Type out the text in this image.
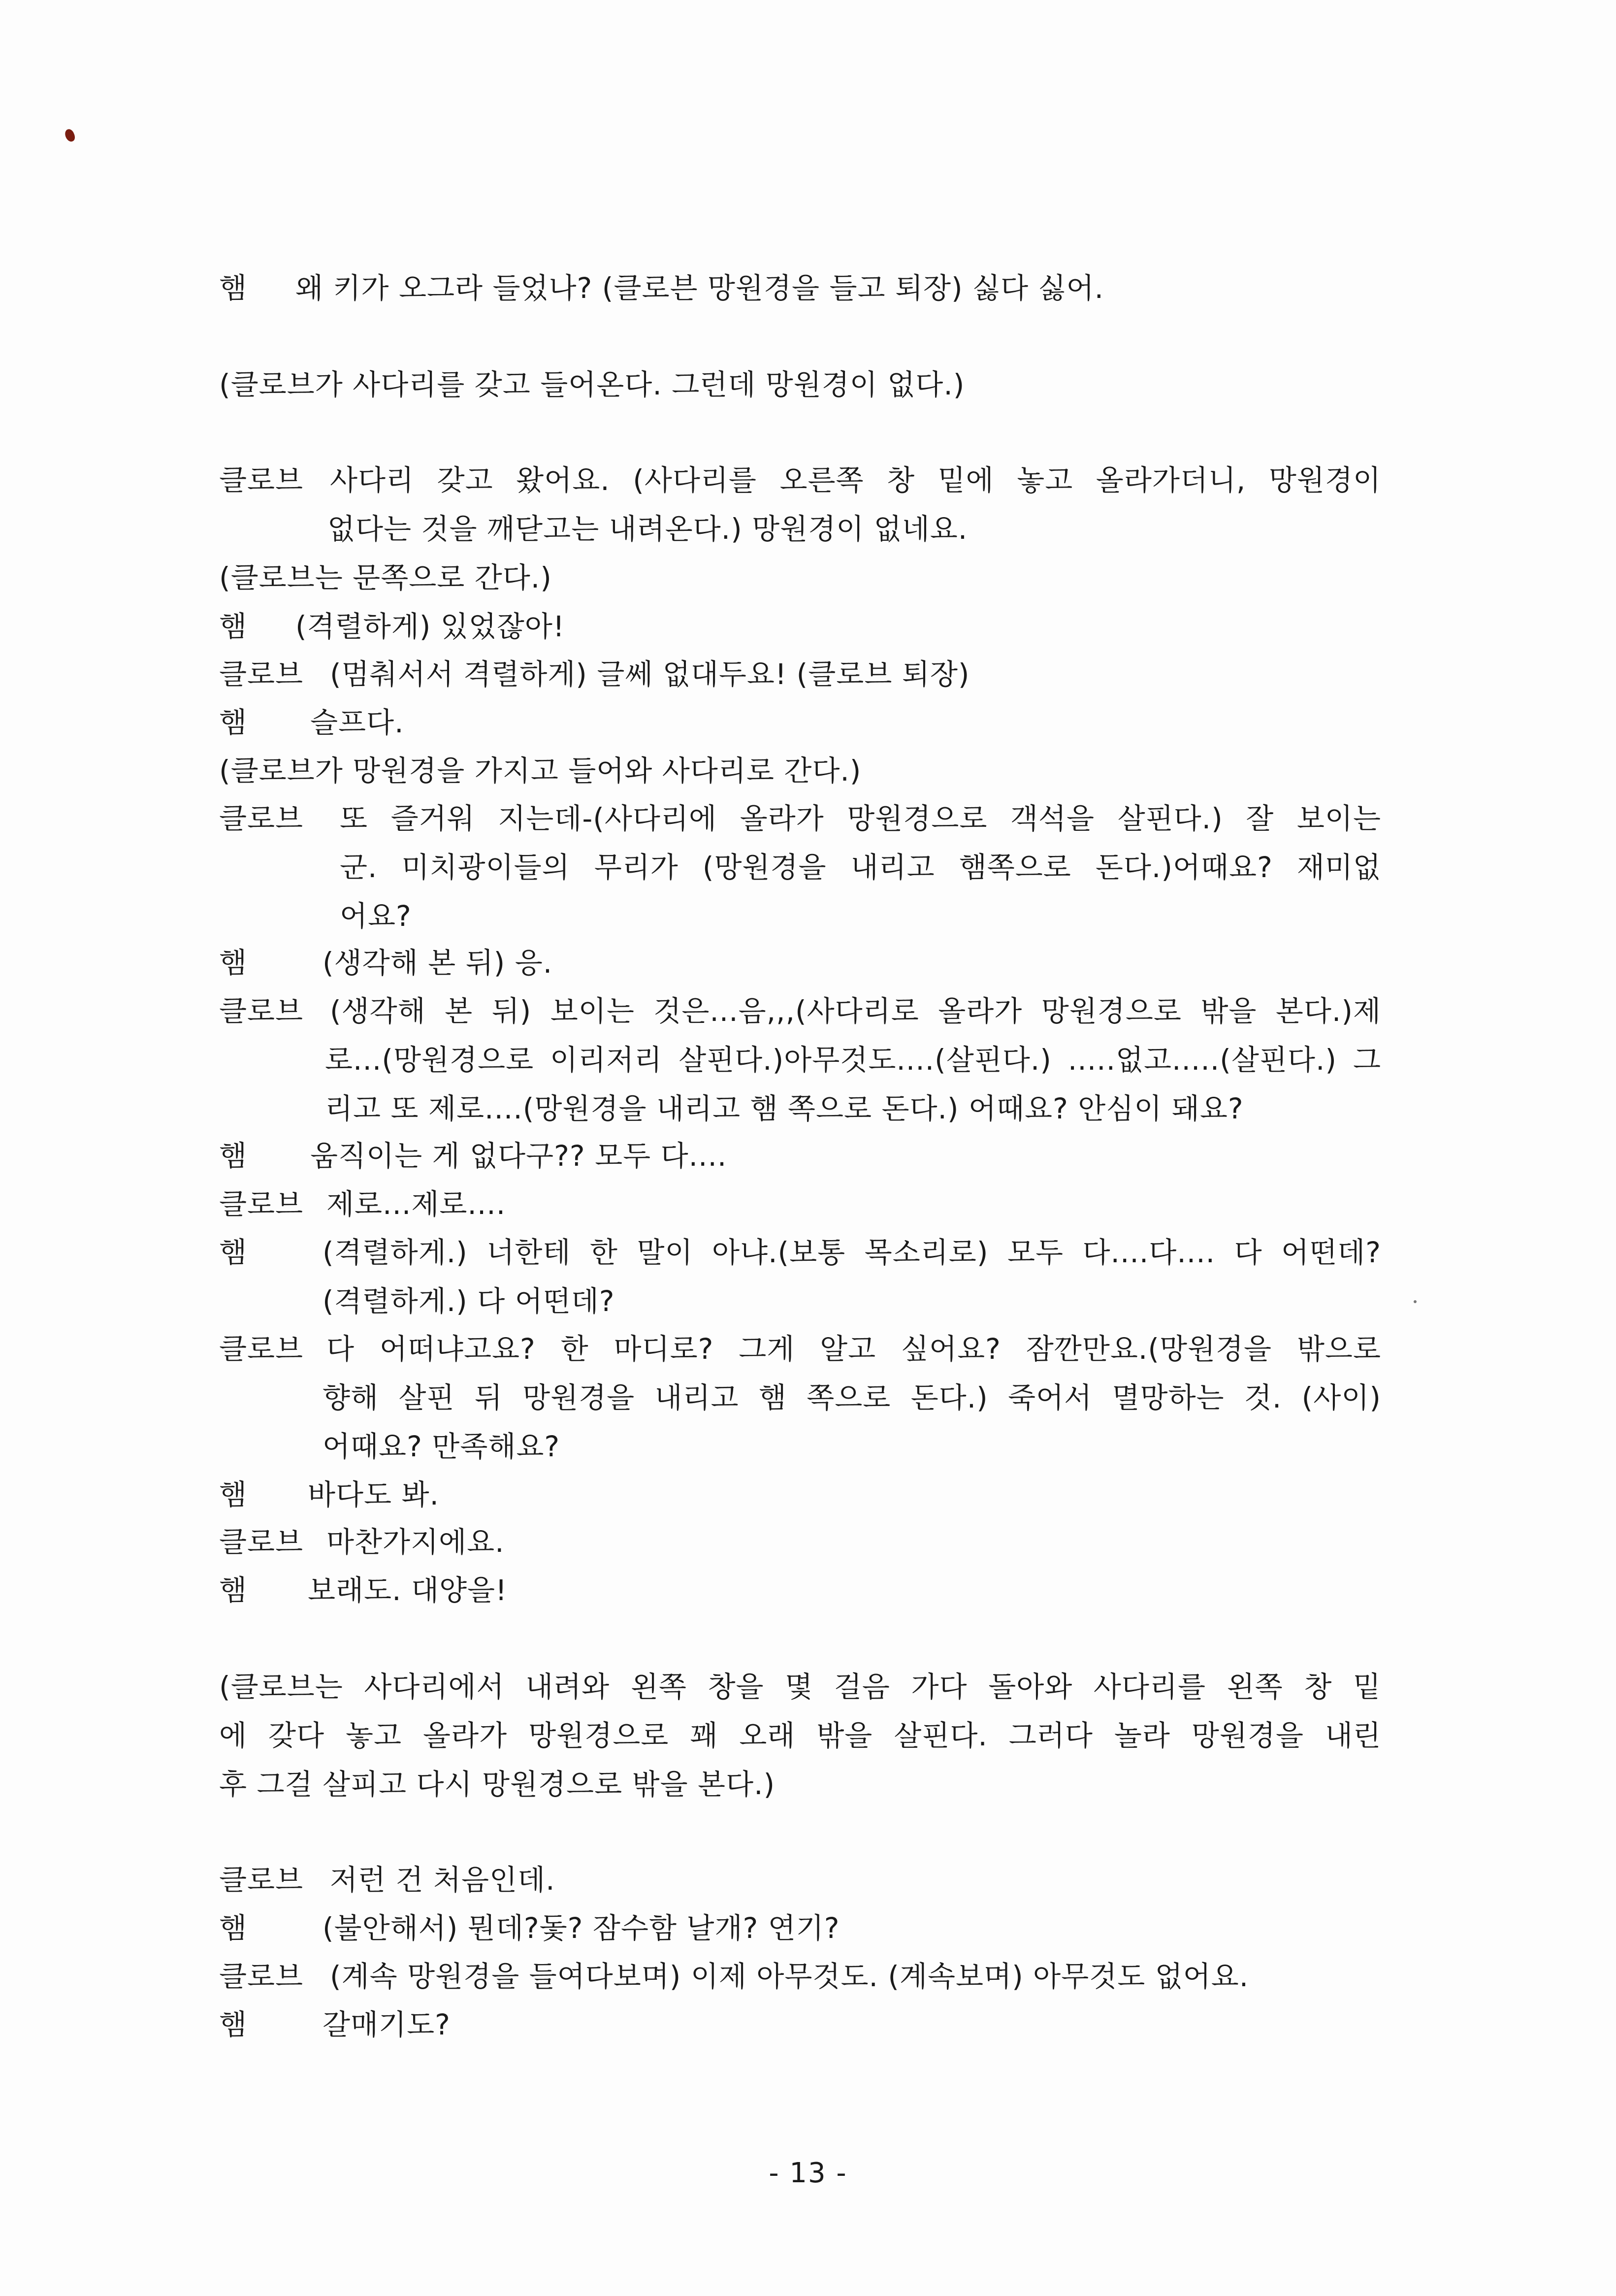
햄 왜 키가 오그라 들었나? (클로븐 망원경을 들고 퇴장) 싫다 싫어.
(클로브가 사다리를 갖고 들어온다. 그런데 망원경이 없다.)
클로브 사다리 갖고 왔어요. (사다리를 오른쪽 창 밑에 놓고 올라가더니, 망원경이
없다는 것을 깨닫고는 내려온다.) 망원경이 없네요.
(클로브는 문쪽으로 간다.)
햄 (격렬하게) 있었잖아!
클로브 (멈춰서서 격렬하게) 글쎄 없대두요! (클로브 퇴장)
햄 슬프다.
(클로브가 망원경을 가지고 들어와 사다리로 간다.)
클로브 또 즐거워 지는데-(사다리에 올라가 망원경으로 객석을 살핀다.) 잘 보이는
군. 미치광이들의 무리가 (망원경을 내리고 햄쪽으로 돈다.)어때요? 재미없
어요?
햄	(생각해 본 뒤) 응.
클로브 (생각해 본 뒤) 보이는 것은...음,,,(사다리로 올라가 망원경으로 밖을 본다.)제
로...(망원경으로 이리저리 살핀다.)아무것도....(살핀다.) .....없고.....(살핀다.) 그
리고 또 제로....(망원경을 내리고 햄 쪽으로 돈다.) 어때요? 안심이 돼요?
햄 움직이는 게 없다구?? 모두 다....
클로브 제로...제로....
햄	(격렬하게.) 너한테 한 말이 아냐.(보통 목소리로) 모두 다....다.... 다 어떤데?
(격렬하게.) 다 어떤데?
클로브 다 어떠냐고요? 한 마디로? 그게 알고 싶어요? 잠깐만요.(망원경을 밖으로
향해 살핀 뒤 망원경을 내리고 햄 쪽으로 돈다.) 죽어서 멸망하는 것. (사이)
어때요? 만족해요?
햄 바다도 봐.
클로브 마찬가지에요.
햄 보래도. 대양을!
(클로브는 사다리에서 내려와 왼쪽 창을 몇 걸음 가다 돌아와 사다리를 왼쪽 창 밑
에 갖다 놓고 올라가 망원경으로 꽤 오래 밖을 살핀다. 그러다 놀라 망원경을 내린
후 그걸 살피고 다시 망원경으로 밖을 본다.)
클로브 저런 건 처음인데.
햄	(불안해서) 뭔데?돛? 잠수함 날개? 연기?
클로브 (계속 망원경을 들여다보며) 이제 아무것도. (계속보며) 아무것도 없어요.
햄	갈매기도?
- 13 -
